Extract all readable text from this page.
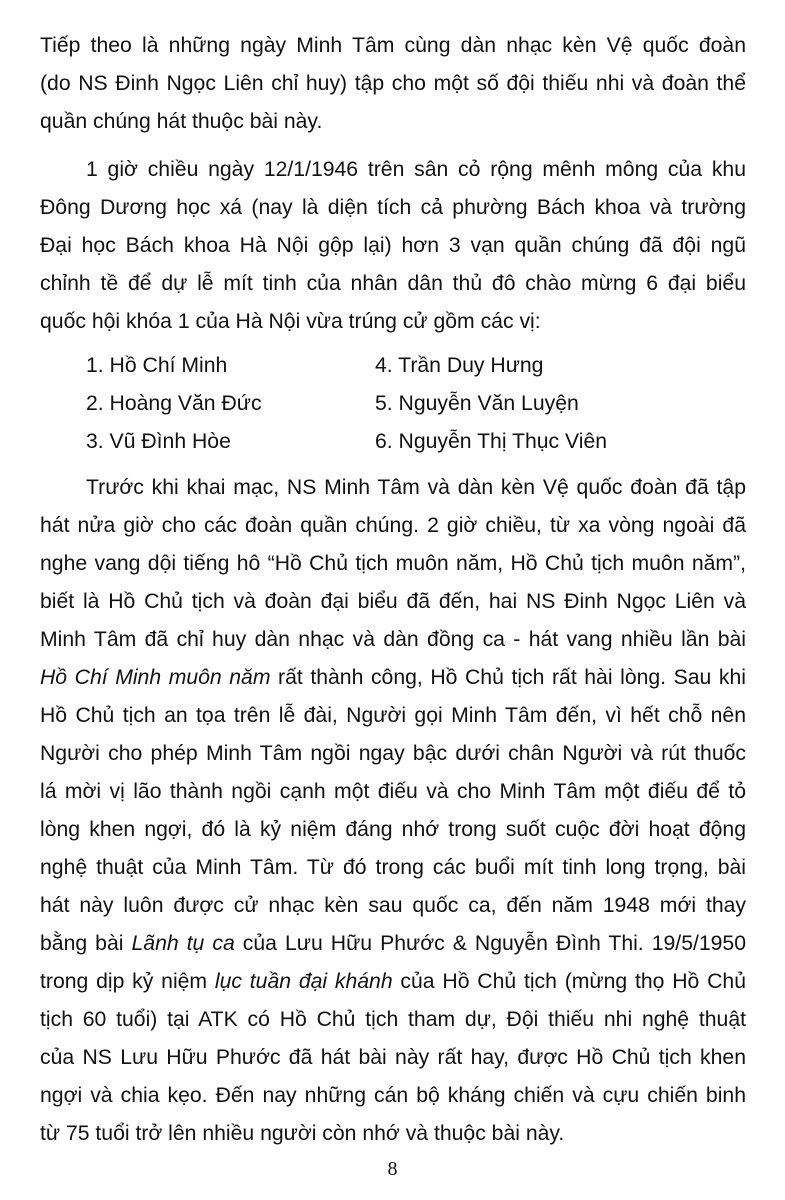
Tiếp theo là những ngày Minh Tâm cùng dàn nhạc kèn Vệ quốc đoàn
(do NS Đinh Ngọc Liên chỉ huy) tập cho một số đội thiếu nhi và đoàn thể
quần chúng hát thuộc bài này.
1 giờ chiều ngày 12/1/1946 trên sân cỏ rộng mênh mông của khu
Đông Dương học xá (nay là diện tích cả phường Bách khoa và trường
Đại học Bách khoa Hà Nội gộp lại) hơn 3 vạn quần chúng đã đội ngũ
chỉnh tề để dự lễ mít tinh của nhân dân thủ đô chào mừng 6 đại biểu
quốc hội khóa 1 của Hà Nội vừa trúng cử gồm các vị:
1. Hồ Chí Minh
2. Hoàng Văn Đức
3. Vũ Đình Hòe
4. Trần Duy Hưng
5. Nguyễn Văn Luyện
6. Nguyễn Thị Thục Viên
Trước khi khai mạc, NS Minh Tâm và dàn kèn Vệ quốc đoàn đã tập
hát nửa giờ cho các đoàn quần chúng. 2 giờ chiều, từ xa vòng ngoài đã
nghe vang dội tiếng hô “Hồ Chủ tịch muôn năm, Hồ Chủ tịch muôn năm”,
biết là Hồ Chủ tịch và đoàn đại biểu đã đến, hai NS Đinh Ngọc Liên và
Minh Tâm đã chỉ huy dàn nhạc và dàn đồng ca - hát vang nhiều lần bài
Hồ Chí Minh muôn năm rất thành công, Hồ Chủ tịch rất hài lòng. Sau khi
Hồ Chủ tịch an tọa trên lễ đài, Người gọi Minh Tâm đến, vì hết chỗ nên
Người cho phép Minh Tâm ngồi ngay bậc dưới chân Người và rút thuốc
lá mời vị lão thành ngồi cạnh một điếu và cho Minh Tâm một điếu để tỏ
lòng khen ngợi, đó là kỷ niệm đáng nhớ trong suốt cuộc đời hoạt động
nghệ thuật của Minh Tâm. Từ đó trong các buổi mít tinh long trọng, bài
hát này luôn được cử nhạc kèn sau quốc ca, đến năm 1948 mới thay
bằng bài Lãnh tụ ca của Lưu Hữu Phước & Nguyễn Đình Thi. 19/5/1950
trong dịp kỷ niệm lục tuần đại khánh của Hồ Chủ tịch (mừng thọ Hồ Chủ
tịch 60 tuổi) tại ATK có Hồ Chủ tịch tham dự, Đội thiếu nhi nghệ thuật
của NS Lưu Hữu Phước đã hát bài này rất hay, được Hồ Chủ tịch khen
ngợi và chia kẹo. Đến nay những cán bộ kháng chiến và cựu chiến binh
từ 75 tuổi trở lên nhiều người còn nhớ và thuộc bài này.
8
